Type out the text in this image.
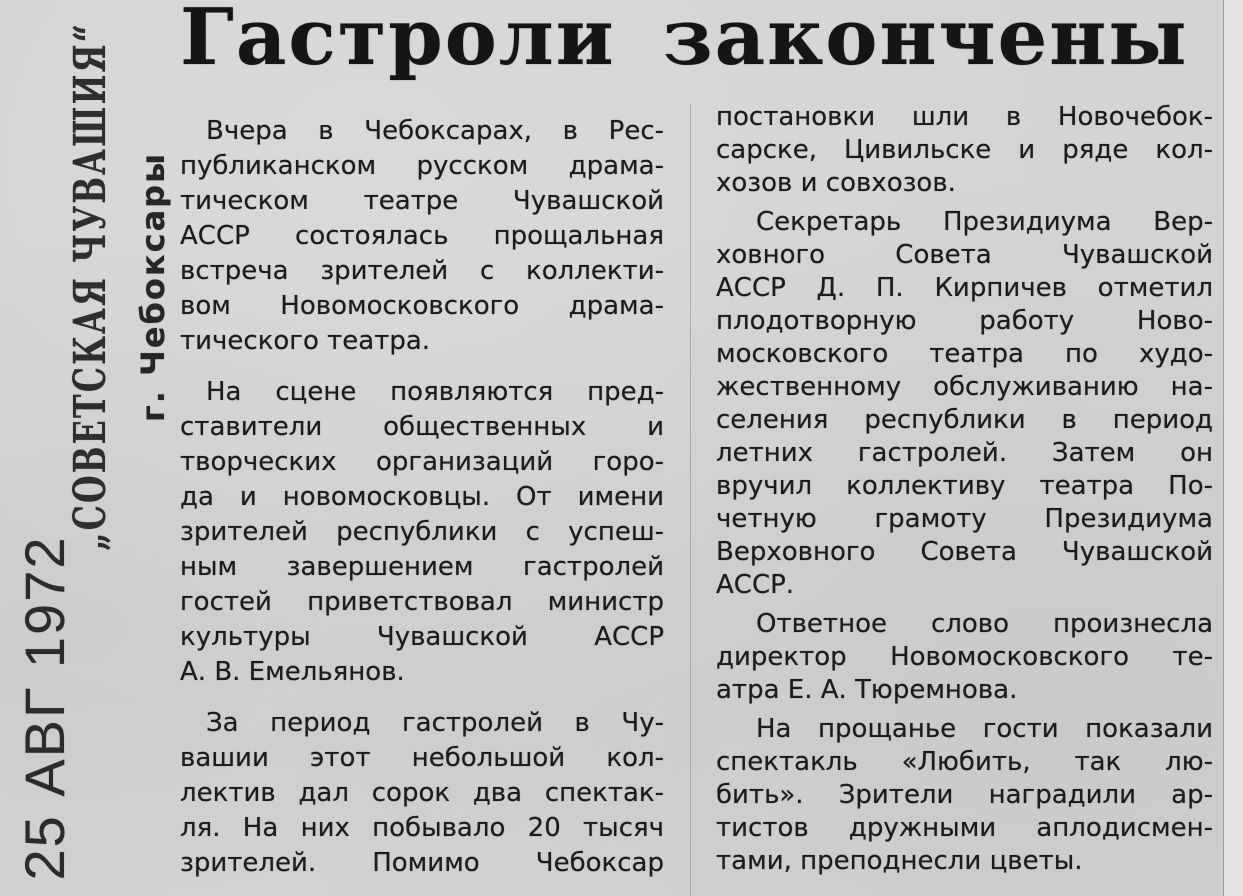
25 АВГ 1972
„СОВЕТСКАЯ ЧУВАШИЯ“ г. Чебоксары
Гастроли закончены
Вчера в Чебоксарах, в Рес-
публиканском русском драма-
тическом театре Чувашской
АССР состоялась прощальная
встреча зрителей с коллекти-
вом Новомосковского драма-
тического театра.
На сцене появляются пред-
ставители общественных и
творческих организаций горо-
да и новомосковцы. От имени
зрителей республики с успеш-
ным завершением гастролей
гостей приветствовал министр
культуры Чувашской АССР
А. В. Емельянов.
За период гастролей в Чу-
вашии этот небольшой кол-
лектив дал сорок два спектак-
ля. На них побывало 20 тысяч
зрителей. Помимо Чебоксар
постановки шли в Новочебок-
сарске, Цивильске и ряде кол-
хозов и совхозов.
Секретарь Президиума Вер-
ховного Совета Чувашской
АССР Д. П. Кирпичев отметил
плодотворную работу Ново-
московского театра по худо-
жественному обслуживанию на-
селения республики в период
летних гастролей. Затем он
вручил коллективу театра По-
четную грамоту Президиума
Верховного Совета Чувашской
АССР.
Ответное слово произнесла
директор Новомосковского те-
атра Е. А. Тюремнова.
На прощанье гости показали
спектакль «Любить, так лю-
бить». Зрители наградили ар-
тистов дружными аплодисмен-
тами, преподнесли цветы.
